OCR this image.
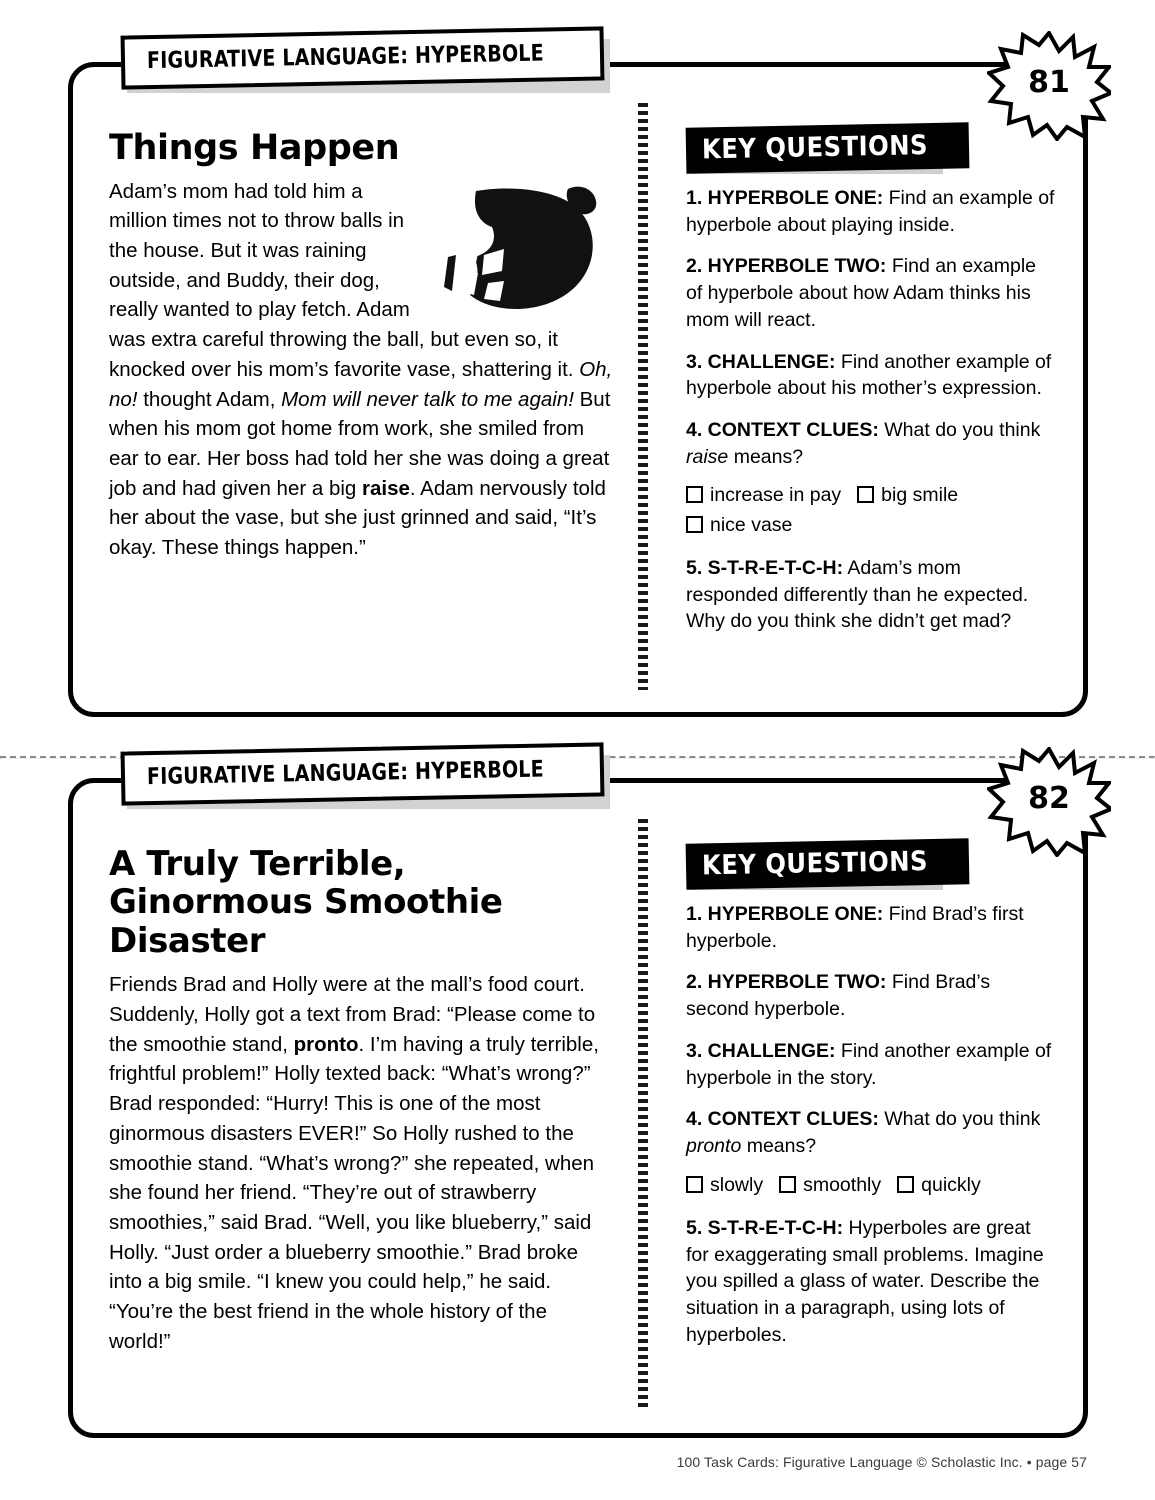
FIGURATIVE LANGUAGE: HYPERBOLE
81
Things Happen

Adam’s mom had told him a million times not to throw balls in the house. But it was raining outside, and Buddy, their dog, really wanted to play fetch. Adam was extra careful throwing the ball, but even so, it knocked over his mom’s favorite vase, shattering it. Oh, no! thought Adam, Mom will never talk to me again! But when his mom got home from work, she smiled from ear to ear. Her boss had told her she was doing a great job and had given her a big raise. Adam nervously told her about the vase, but she just grinned and said, “It’s okay. These things happen.”

KEY QUESTIONS

1. HYPERBOLE ONE: Find an example of hyperbole about playing inside.

2. HYPERBOLE TWO: Find an example of hyperbole about how Adam thinks his mom will react.

3. CHALLENGE: Find another example of hyperbole about his mother’s expression.

4. CONTEXT CLUES: What do you think raise means?

increase in pay big smile
nice vase

5. S-T-R-E-T-C-H: Adam’s mom responded differently than he expected. Why do you think she didn’t get mad?

FIGURATIVE LANGUAGE: HYPERBOLE
82
A Truly Terrible, Ginormous Smoothie Disaster

Friends Brad and Holly were at the mall’s food court. Suddenly, Holly got a text from Brad: “Please come to the smoothie stand, pronto. I’m having a truly terrible, frightful problem!” Holly texted back: “What’s wrong?” Brad responded: “Hurry! This is one of the most ginormous disasters EVER!” So Holly rushed to the smoothie stand. “What’s wrong?” she repeated, when she found her friend. “They’re out of strawberry smoothies,” said Brad. “Well, you like blueberry,” said Holly. “Just order a blueberry smoothie.” Brad broke into a big smile. “I knew you could help,” he said. “You’re the best friend in the whole history of the world!”

KEY QUESTIONS

1. HYPERBOLE ONE: Find Brad’s first hyperbole.

2. HYPERBOLE TWO: Find Brad’s second hyperbole.

3. CHALLENGE: Find another example of hyperbole in the story.

4. CONTEXT CLUES: What do you think pronto means?

slowly smoothly quickly

5. S-T-R-E-T-C-H: Hyperboles are great for exaggerating small problems. Imagine you spilled a glass of water. Describe the situation in a paragraph, using lots of hyperboles.

100 Task Cards: Figurative Language © Scholastic Inc. • page 57
